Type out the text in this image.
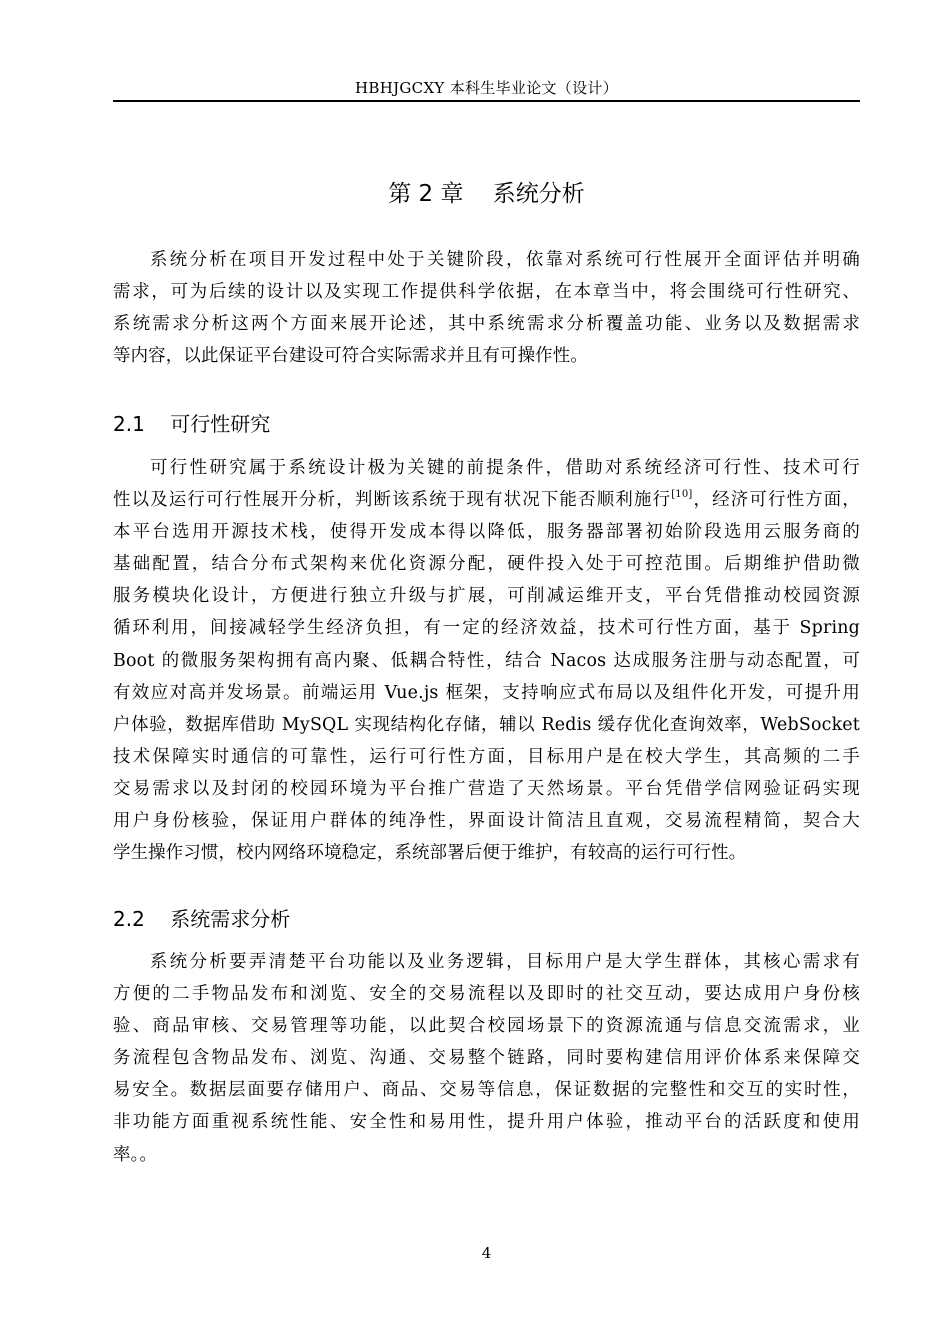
HBHJGCXY 本科生毕业论文（设计）
第 2 章    系统分析
系统分析在项目开发过程中处于关键阶段，依靠对系统可行性展开全面评估并明确
需求，可为后续的设计以及实现工作提供科学依据，在本章当中，将会围绕可行性研究、
系统需求分析这两个方面来展开论述，其中系统需求分析覆盖功能、业务以及数据需求
等内容，以此保证平台建设可符合实际需求并且有可操作性。
2.1    可行性研究
可行性研究属于系统设计极为关键的前提条件，借助对系统经济可行性、技术可行
性以及运行可行性展开分析，判断该系统于现有状况下能否顺利施行[10]，经济可行性方面，
本平台选用开源技术栈，使得开发成本得以降低，服务器部署初始阶段选用云服务商的
基础配置，结合分布式架构来优化资源分配，硬件投入处于可控范围。后期维护借助微
服务模块化设计，方便进行独立升级与扩展，可削减运维开支，平台凭借推动校园资源
循环利用，间接减轻学生经济负担，有一定的经济效益，技术可行性方面，基于 Spring
Boot 的微服务架构拥有高内聚、低耦合特性，结合 Nacos 达成服务注册与动态配置，可
有效应对高并发场景。前端运用 Vue.js 框架，支持响应式布局以及组件化开发，可提升用
户体验，数据库借助 MySQL 实现结构化存储，辅以 Redis 缓存优化查询效率，WebSocket
技术保障实时通信的可靠性，运行可行性方面，目标用户是在校大学生，其高频的二手
交易需求以及封闭的校园环境为平台推广营造了天然场景。平台凭借学信网验证码实现
用户身份核验，保证用户群体的纯净性，界面设计简洁且直观，交易流程精简，契合大
学生操作习惯，校内网络环境稳定，系统部署后便于维护，有较高的运行可行性。
2.2    系统需求分析
系统分析要弄清楚平台功能以及业务逻辑，目标用户是大学生群体，其核心需求有
方便的二手物品发布和浏览、安全的交易流程以及即时的社交互动，要达成用户身份核
验、商品审核、交易管理等功能，以此契合校园场景下的资源流通与信息交流需求，业
务流程包含物品发布、浏览、沟通、交易整个链路，同时要构建信用评价体系来保障交
易安全。数据层面要存储用户、商品、交易等信息，保证数据的完整性和交互的实时性，
非功能方面重视系统性能、安全性和易用性，提升用户体验，推动平台的活跃度和使用
率。。
4
